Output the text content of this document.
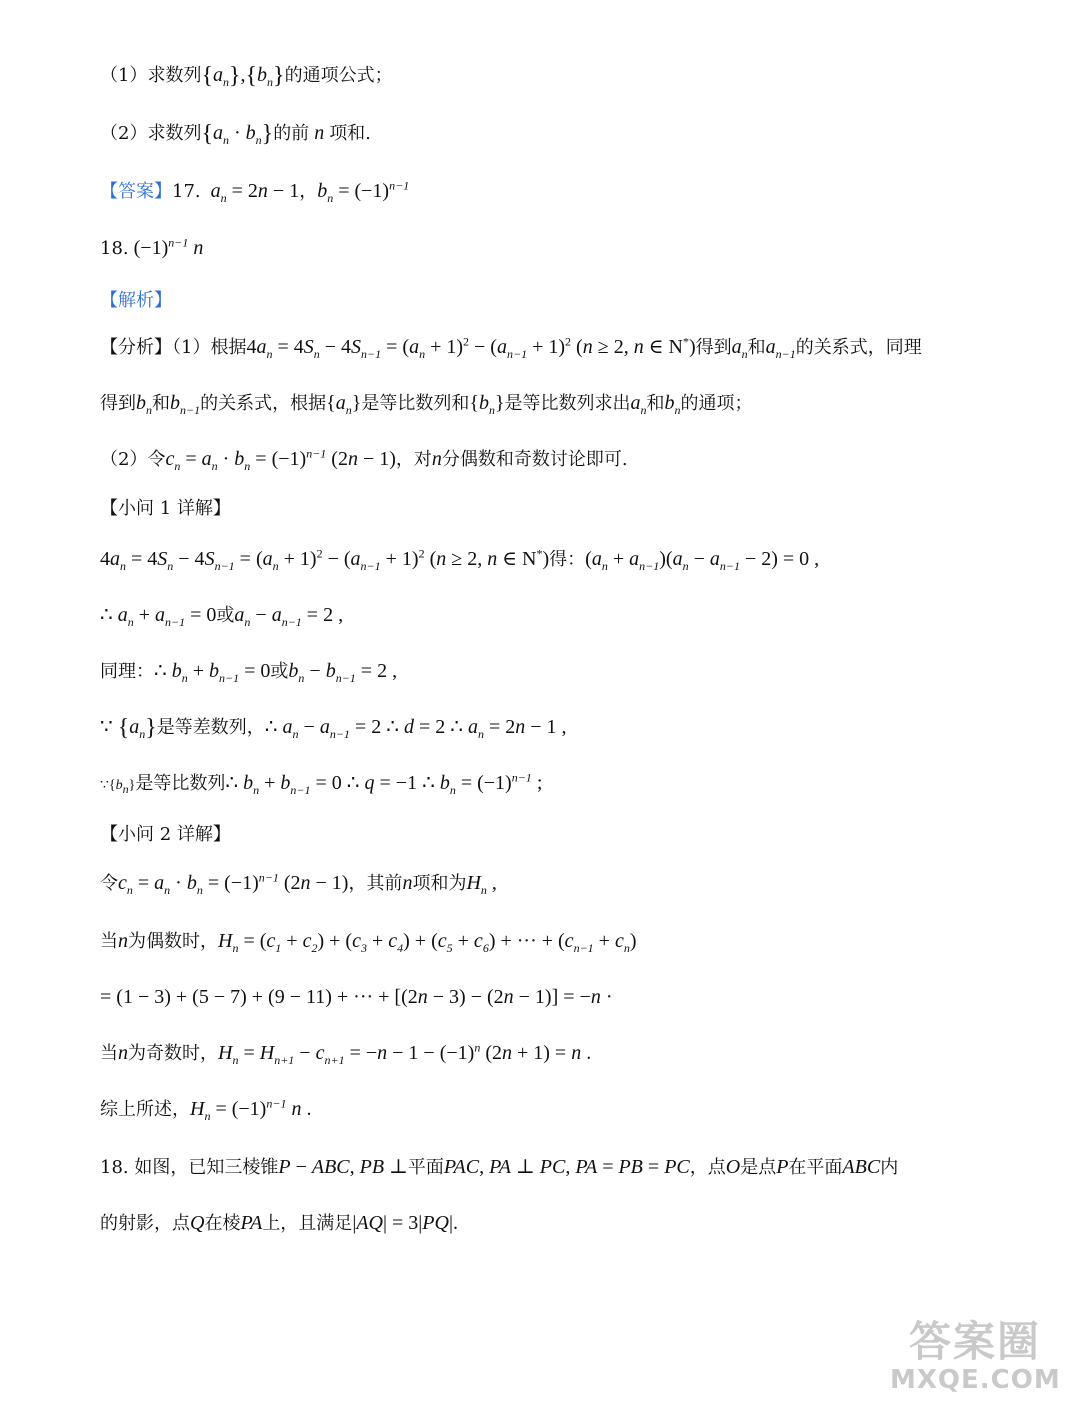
（1）求数列$\{a_n\},\{b_n\}$的通项公式；
（2）求数列$\{a_n \cdot b_n\}$的前 n 项和.
【答案】17. $a_n = 2n - 1$，$b_n = (-1)^{n-1}$
18. $(-1)^{n-1}$ n
【解析】
【分析】（1）根据$4a_n = 4S_n - 4S_{n-1} = (a_n + 1)^2 - (a_{n-1} + 1)^2$ (n ≥ 2, n ∈ N*)得到$a_n$和$a_{n-1}$的关系式，同理
得到$b_n$和$b_{n-1}$的关系式，根据$\{a_n\}$是等比数列和$\{b_n\}$是等比数列求出$a_n$和$b_n$的通项；
（2）令$c_n = a_n \cdot b_n = (-1)^{n-1}$ (2n − 1)，对n分偶数和奇数讨论即可.
【小问 1 详解】
$4a_n = 4S_n - 4S_{n-1} = (a_n + 1)^2 - (a_{n-1} + 1)^2$ (n ≥ 2, n ∈ N*)得：$(a_n + a_{n-1})(a_n - a_{n-1} - 2) = 0$ ,
∴ $a_n + a_{n-1} = 0$或$a_n - a_{n-1} = 2$ ,
同理：∴ $b_n + b_{n-1} = 0$或$b_n - b_{n-1} = 2$ ,
∵ $\{a_n\}$是等差数列，∴ $a_n - a_{n-1} = 2$ ∴ d = 2 ∴ $a_n = 2n - 1$ ,
$\because\{b_n\}$是等比数列∴ $b_n + b_{n-1} = 0$ ∴ q = −1 ∴ $b_n = (-1)^{n-1}$ ;
【小问 2 详解】
令$c_n = a_n \cdot b_n = (-1)^{n-1}$ (2n − 1)，其前n项和为$H_n$ ,
当n为偶数时，$H_n = (c_1 + c_2) + (c_3 + c_4) + (c_5 + c_6)$ + ··· + $(c_{n-1} + c_n)$
= (1 − 3) + (5 − 7) + (9 − 11) + ··· + [(2n − 3) − (2n − 1)] = −n ·
当n为奇数时，$H_n = H_{n+1} - c_{n+1} = -n - 1 - (-1)^n$ (2n + 1) = n .
综上所述，$H_n = (-1)^{n-1}$ n .
18. 如图，已知三棱锥P − ABC, PB ⊥平面PAC, PA ⊥ PC, PA = PB = PC，点O是点P在平面ABC内
的射影，点Q在棱PA上，且满足|AQ| = 3|PQ|.
答案圈
MXQE.COM
